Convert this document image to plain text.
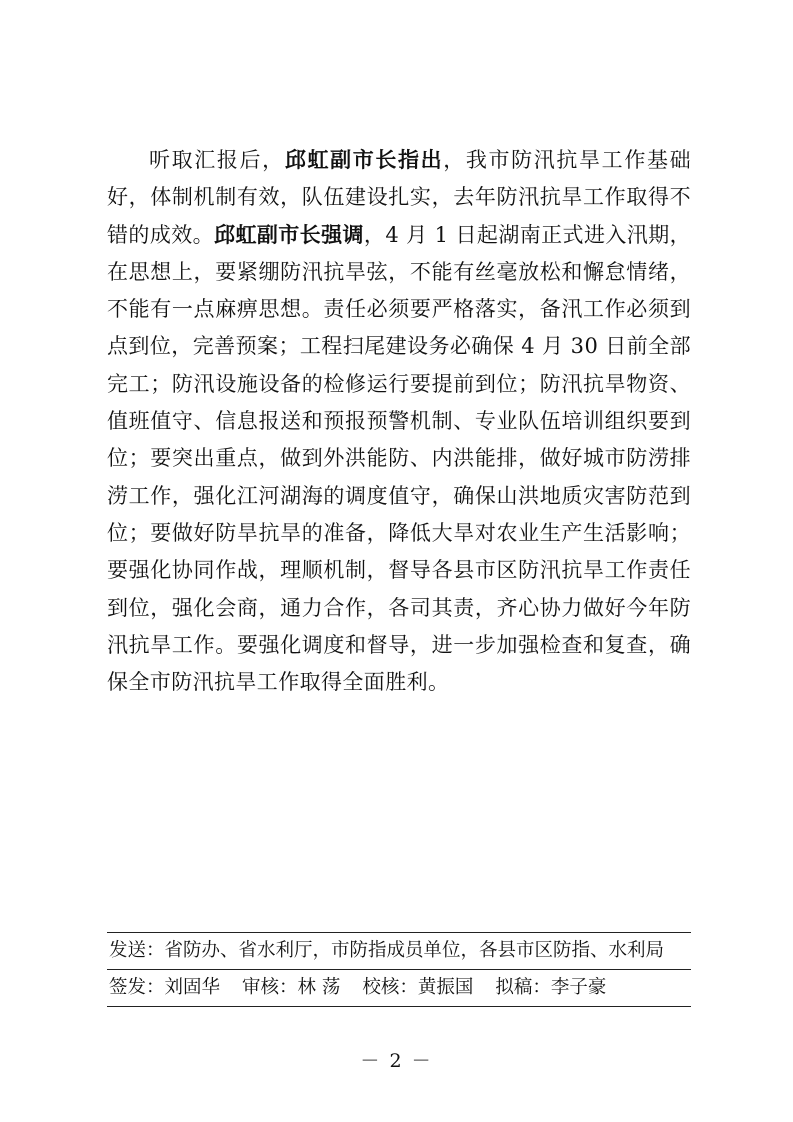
听取汇报后，邱虹副市长指出，我市防汛抗旱工作基础好，体制机制有效，队伍建设扎实，去年防汛抗旱工作取得不错的成效。邱虹副市长强调，4 月 1 日起湖南正式进入汛期，在思想上，要紧绷防汛抗旱弦，不能有丝毫放松和懈怠情绪，不能有一点麻痹思想。责任必须要严格落实，备汛工作必须到点到位，完善预案；工程扫尾建设务必确保 4 月 30 日前全部完工；防汛设施设备的检修运行要提前到位；防汛抗旱物资、值班值守、信息报送和预报预警机制、专业队伍培训组织要到位；要突出重点，做到外洪能防、内洪能排，做好城市防涝排涝工作，强化江河湖海的调度值守，确保山洪地质灾害防范到位；要做好防旱抗旱的准备，降低大旱对农业生产生活影响；要强化协同作战，理顺机制，督导各县市区防汛抗旱工作责任到位，强化会商，通力合作，各司其责，齐心协力做好今年防汛抗旱工作。要强化调度和督导，进一步加强检查和复查，确保全市防汛抗旱工作取得全面胜利。

发送：省防办、省水利厅，市防指成员单位，各县市区防指、水利局
签发：刘固华 审核：林 荡 校核：黄振国 拟稿：李子豪
－ 2 －
